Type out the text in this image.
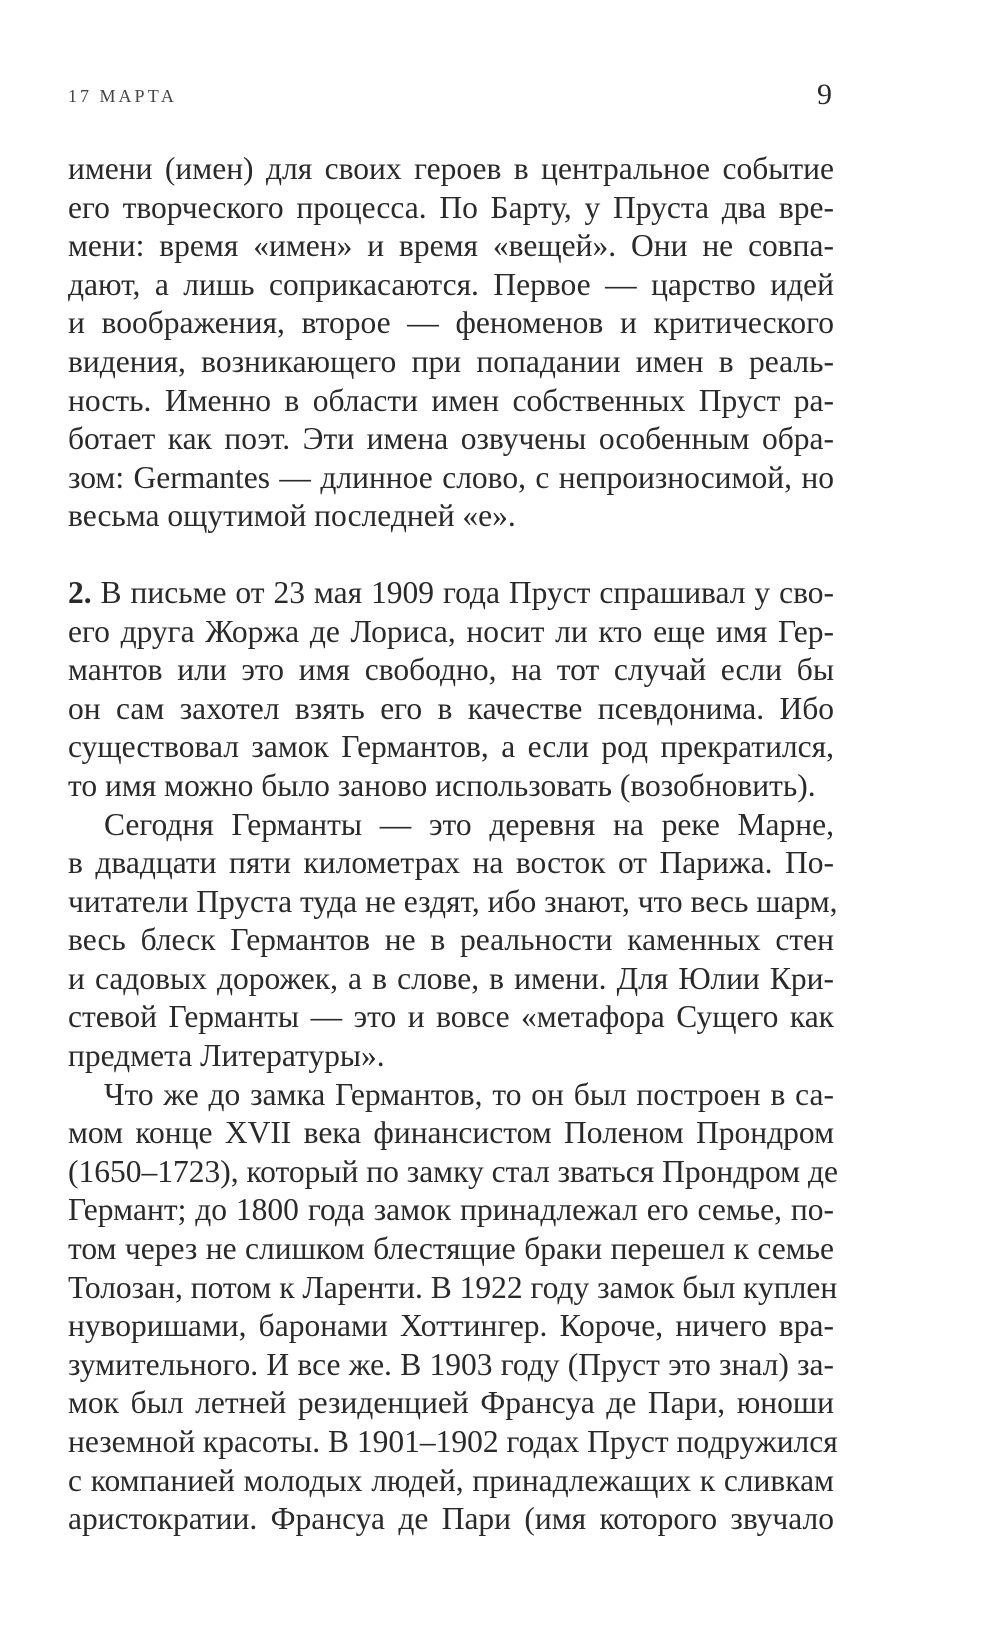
17 МАРТА	9
имени (имен) для своих героев в центральное событие
его творческого процесса. По Барту, у Пруста два вре-
мени: время «имен» и время «вещей». Они не совпа-
дают, а лишь соприкасаются. Первое — царство идей
и воображения, второе — феноменов и критического
видения, возникающего при попадании имен в реаль-
ность. Именно в области имен собственных Пруст ра-
ботает как поэт. Эти имена озвучены особенным обра-
зом: Germantes — длинное слово, с непроизносимой, но
весьма ощутимой последней «е».
2. В письме от 23 мая 1909 года Пруст спрашивал у сво-
его друга Жоржа де Лориса, носит ли кто еще имя Гер-
мантов или это имя свободно, на тот случай если бы
он сам захотел взять его в качестве псевдонима. Ибо
существовал замок Германтов, а если род прекратился,
то имя можно было заново использовать (возобновить).
Сегодня Германты — это деревня на реке Марне,
в двадцати пяти километрах на восток от Парижа. По-
читатели Пруста туда не ездят, ибо знают, что весь шарм,
весь блеск Германтов не в реальности каменных стен
и садовых дорожек, а в слове, в имени. Для Юлии Кри-
стевой Германты — это и вовсе «метафора Сущего как
предмета Литературы».
Что же до замка Германтов, то он был построен в са-
мом конце XVII века финансистом Поленом Прондром
(1650–1723), который по замку стал зваться Прондром де
Гермaнт; до 1800 года замок принадлежал его семье, по-
том через не слишком блестящие браки перешел к семье
Толозан, потом к Ларенти. В 1922 году замок был куплен
нуворишами, баронами Хоттингер. Короче, ничего вра-
зумительного. И все же. В 1903 году (Пруст это знал) за-
мок был летней резиденцией Франсуа де Пари, юноши
неземной красоты. В 1901–1902 годах Пруст подружился
с компанией молодых людей, принадлежащих к сливкам
аристократии. Франсуа де Пари (имя которого звучало
